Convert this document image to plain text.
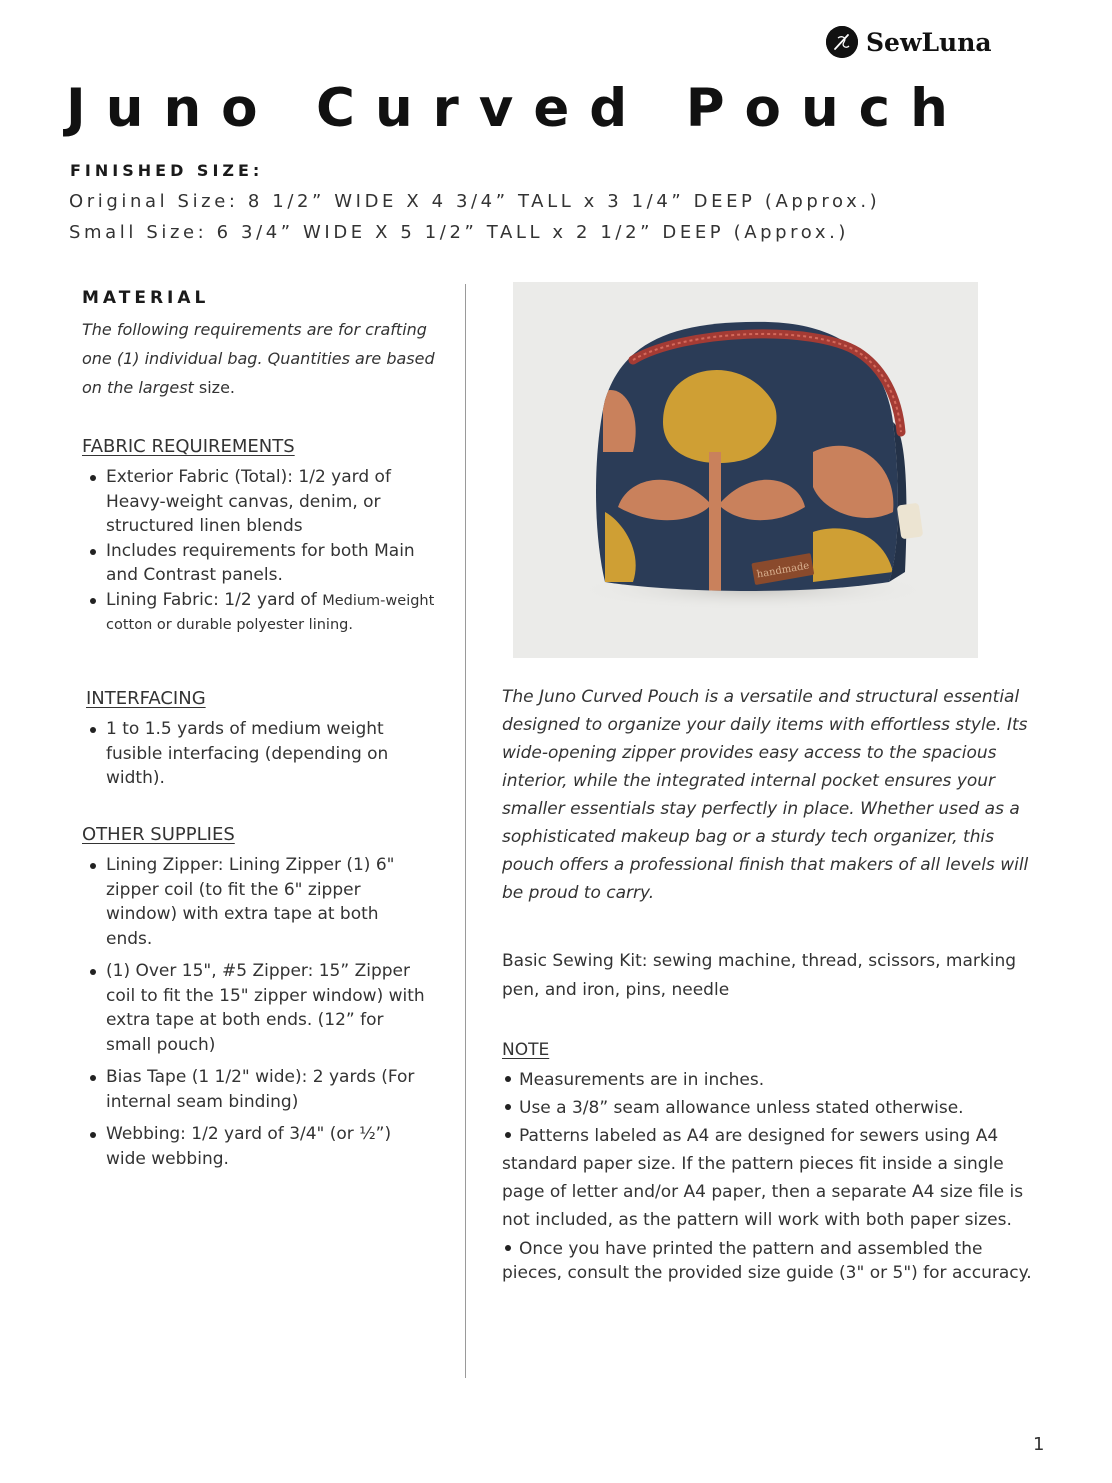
SewLuna
Juno Curved Pouch
FINISHED SIZE:
Original Size: 8 1/2” WIDE X 4 3/4” TALL x 3 1/4” DEEP (Approx.)
Small Size: 6 3/4” WIDE X 5 1/2” TALL x 2 1/2” DEEP (Approx.)
MATERIAL
The following requirements are for crafting one (1) individual bag. Quantities are based on the largest size.
FABRIC REQUIREMENTS
Exterior Fabric (Total): 1/2 yard of Heavy-weight canvas, denim, or structured linen blends
Includes requirements for both Main and Contrast panels.
Lining Fabric: 1/2 yard of Medium-weight cotton or durable polyester lining.
INTERFACING
1 to 1.5 yards of medium weight fusible interfacing (depending on width).
OTHER SUPPLIES
Lining Zipper: Lining Zipper (1) 6" zipper coil (to fit the 6" zipper window) with extra tape at both ends.
(1) Over 15", #5 Zipper: 15” Zipper coil to fit the 15" zipper window) with extra tape at both ends. (12” for small pouch)
Bias Tape (1 1/2" wide): 2 yards (For internal seam binding)
Webbing: 1/2 yard of 3/4" (or ½”) wide webbing.
handmade
The Juno Curved Pouch is a versatile and structural essential designed to organize your daily items with effortless style. Its wide-opening zipper provides easy access to the spacious interior, while the integrated internal pocket ensures your smaller essentials stay perfectly in place. Whether used as a sophisticated makeup bag or a sturdy tech organizer, this pouch offers a professional finish that makers of all levels will be proud to carry.
Basic Sewing Kit: sewing machine, thread, scissors, marking pen, and iron, pins, needle
NOTE
Measurements are in inches.
Use a 3/8” seam allowance unless stated otherwise.
Patterns labeled as A4 are designed for sewers using A4 standard paper size. If the pattern pieces fit inside a single page of letter and/or A4 paper, then a separate A4 size file is not included, as the pattern will work with both paper sizes.
Once you have printed the pattern and assembled the pieces, consult the provided size guide (3" or 5") for accuracy.
1
